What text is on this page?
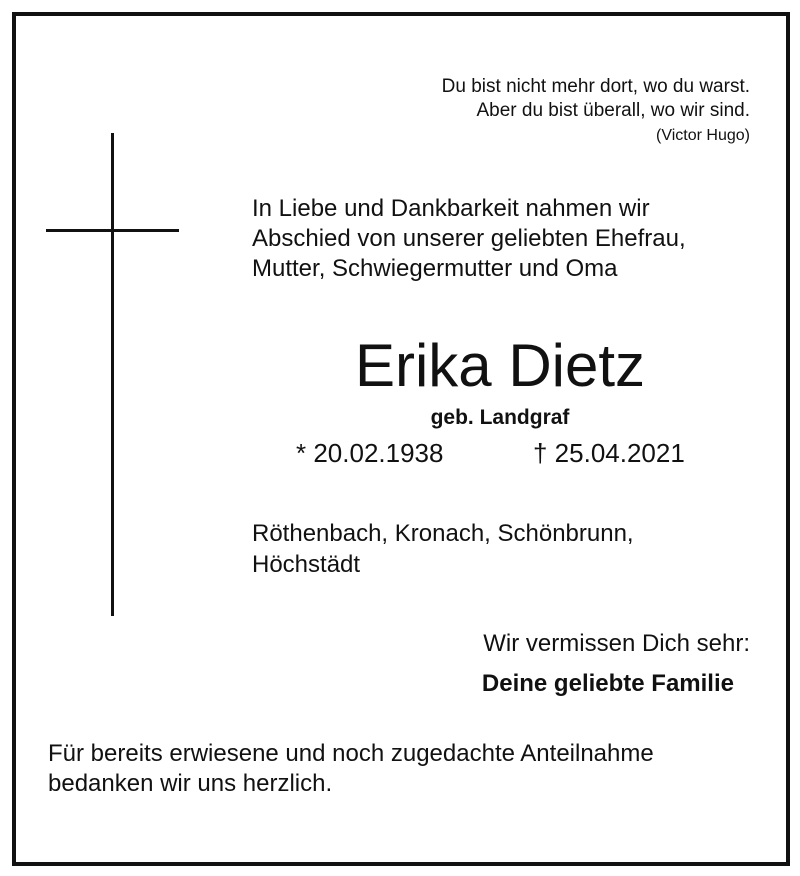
Du bist nicht mehr dort, wo du warst.
Aber du bist überall, wo wir sind.
(Victor Hugo)
In Liebe und Dankbarkeit nahmen wir
Abschied von unserer geliebten Ehefrau,
Mutter, Schwiegermutter und Oma
Erika Dietz
geb. Landgraf
* 20.02.1938	† 25.04.2021
Röthenbach, Kronach, Schönbrunn,
Höchstädt
Wir vermissen Dich sehr:
Deine geliebte Familie
Für bereits erwiesene und noch zugedachte Anteilnahme
bedanken wir uns herzlich.
